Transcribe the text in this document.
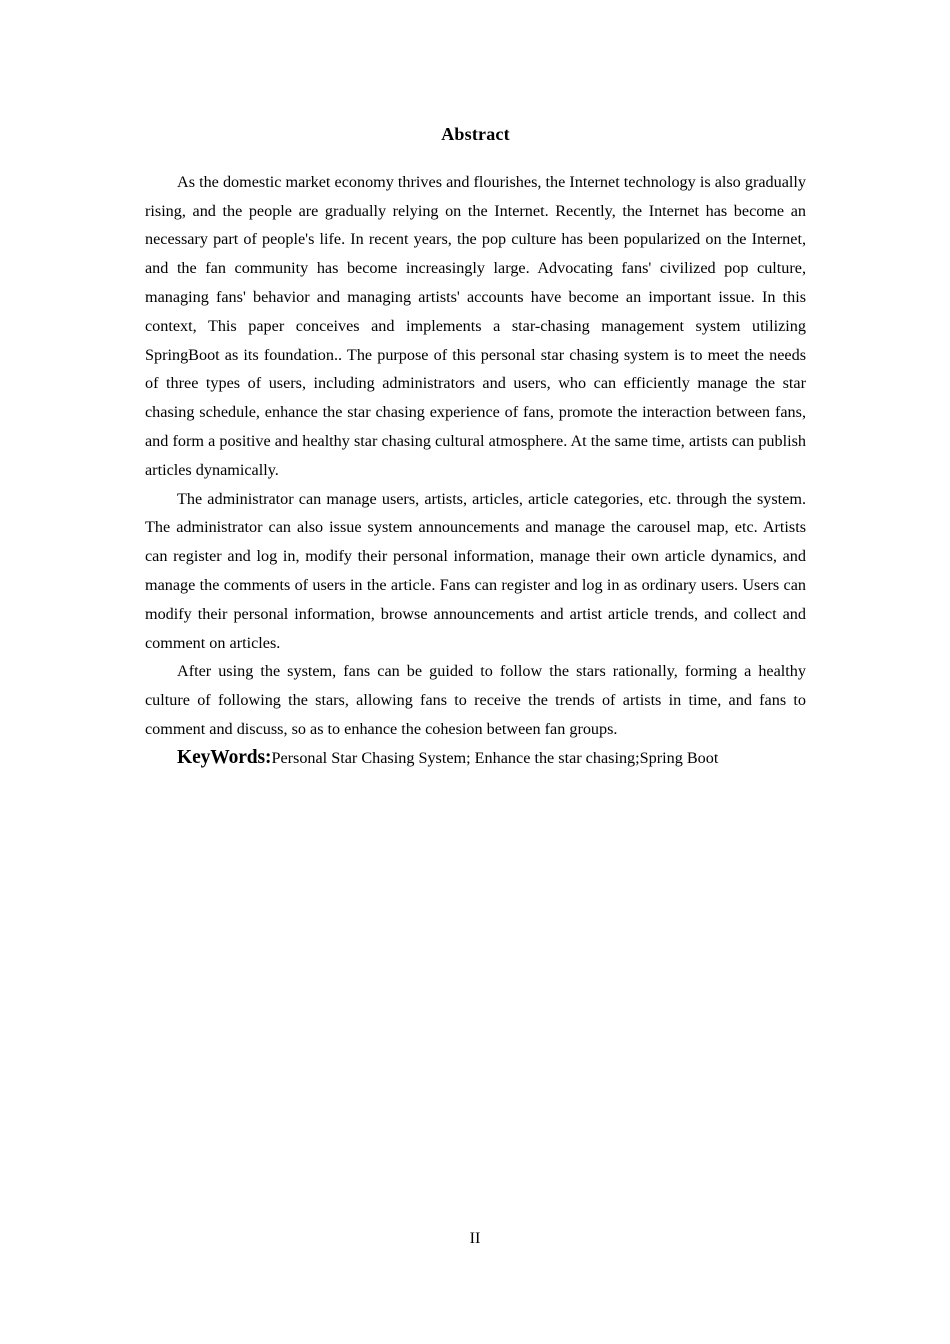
Abstract

As the domestic market economy thrives and flourishes, the Internet technology is also gradually rising, and the people are gradually relying on the Internet. Recently, the Internet has become an necessary part of people's life. In recent years, the pop culture has been popularized on the Internet, and the fan community has become increasingly large. Advocating fans' civilized pop culture, managing fans' behavior and managing artists' accounts have become an important issue. In this context, This paper conceives and implements a star-chasing management system utilizing SpringBoot as its foundation.. The purpose of this personal star chasing system is to meet the needs of three types of users, including administrators and users, who can efficiently manage the star chasing schedule, enhance the star chasing experience of fans, promote the interaction between fans, and form a positive and healthy star chasing cultural atmosphere. At the same time, artists can publish articles dynamically.

The administrator can manage users, artists, articles, article categories, etc. through the system. The administrator can also issue system announcements and manage the carousel map, etc. Artists can register and log in, modify their personal information, manage their own article dynamics, and manage the comments of users in the article. Fans can register and log in as ordinary users. Users can modify their personal information, browse announcements and artist article trends, and collect and comment on articles.

After using the system, fans can be guided to follow the stars rationally, forming a healthy culture of following the stars, allowing fans to receive the trends of artists in time, and fans to comment and discuss, so as to enhance the cohesion between fan groups.

KeyWords:Personal Star Chasing System; Enhance the star chasing;Spring Boot

II
